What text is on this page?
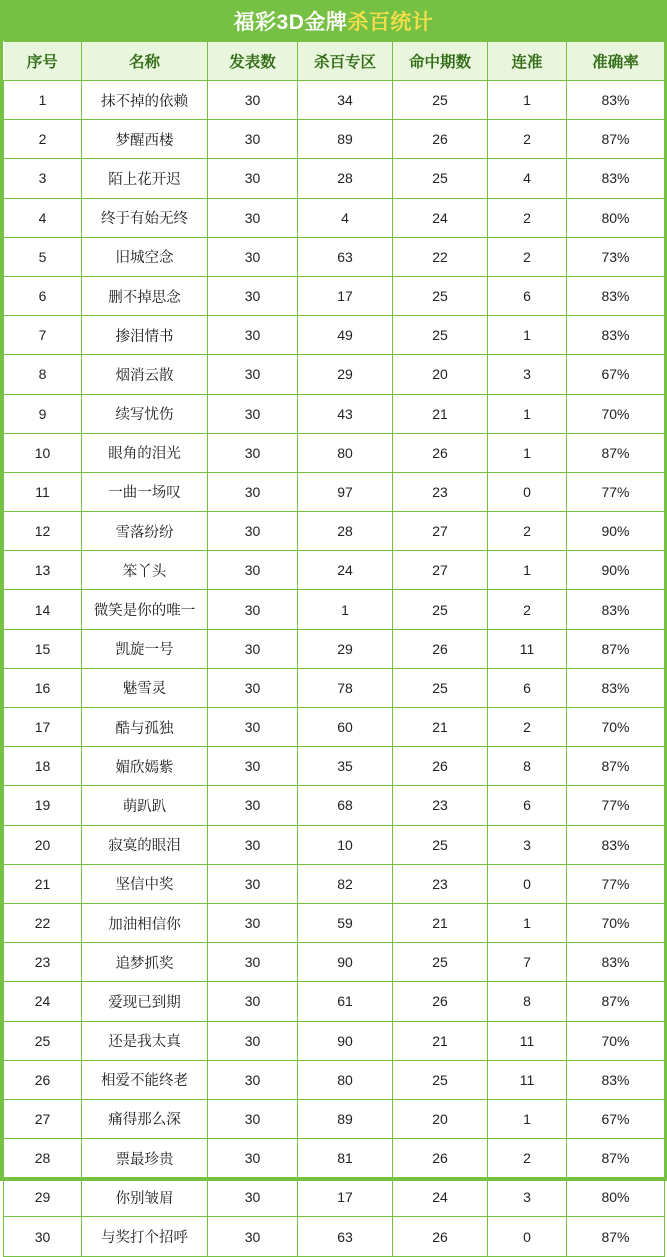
福彩3D金牌杀百统计
序号	名称	发表数	杀百专区	命中期数	连准	准确率
1	抹不掉的依赖	30	34	25	1	83%
2	梦醒西楼	30	89	26	2	87%
3	陌上花开迟	30	28	25	4	83%
4	终于有始无终	30	4	24	2	80%
5	旧城空念	30	63	22	2	73%
6	删不掉思念	30	17	25	6	83%
7	掺泪情书	30	49	25	1	83%
8	烟消云散	30	29	20	3	67%
9	续写忧伤	30	43	21	1	70%
10	眼角的泪光	30	80	26	1	87%
11	一曲一场叹	30	97	23	0	77%
12	雪落纷纷	30	28	27	2	90%
13	笨丫头	30	24	27	1	90%
14	微笑是你的唯一	30	1	25	2	83%
15	凯旋一号	30	29	26	11	87%
16	魅雪灵	30	78	25	6	83%
17	酷与孤独	30	60	21	2	70%
18	媚欣嫣紫	30	35	26	8	87%
19	萌趴趴	30	68	23	6	77%
20	寂寞的眼泪	30	10	25	3	83%
21	坚信中奖	30	82	23	0	77%
22	加油相信你	30	59	21	1	70%
23	追梦抓奖	30	90	25	7	83%
24	爱现已到期	30	61	26	8	87%
25	还是我太真	30	90	21	11	70%
26	相爱不能终老	30	80	25	11	83%
27	痛得那么深	30	89	20	1	67%
28	票最珍贵	30	81	26	2	87%
29	你别皱眉	30	17	24	3	80%
30	与奖打个招呼	30	63	26	0	87%
